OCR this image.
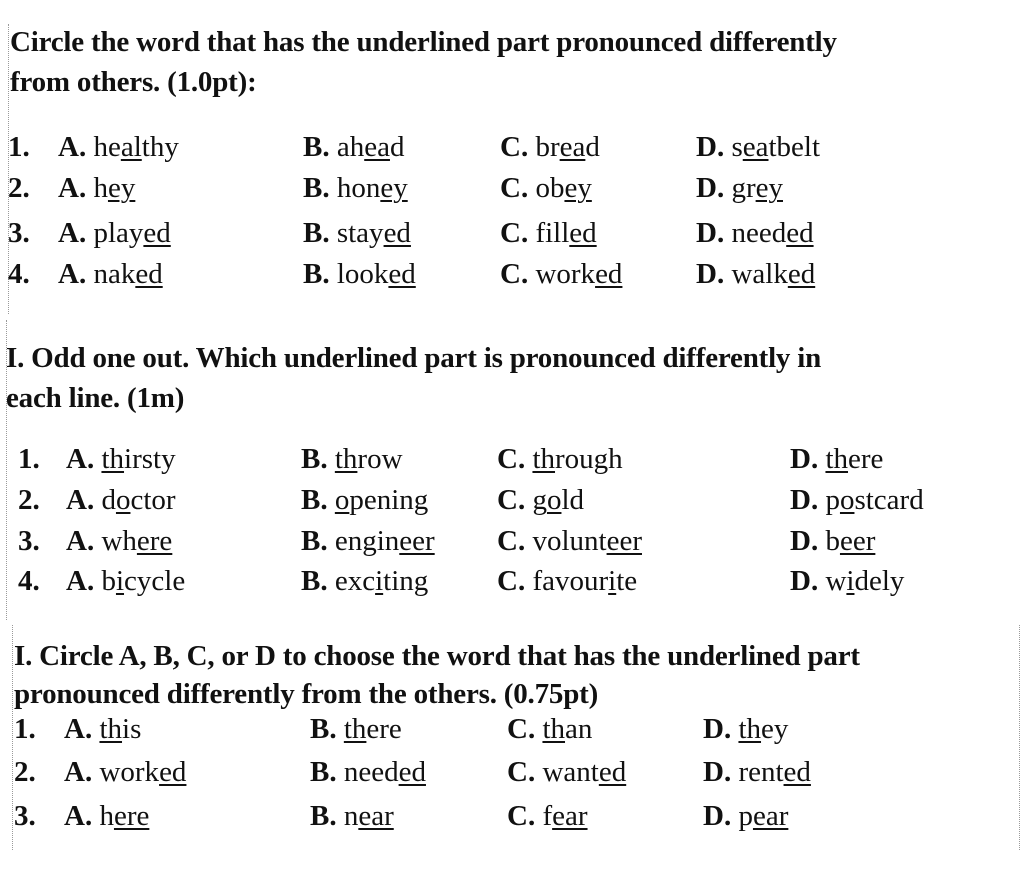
Circle the word that has the underlined part pronounced differently
from others. (1.0pt):
1. A. healthy	B. ahead	C. bread	D. seatbelt
2. A. hey	B. honey	C. obey	D. grey
3. A. played	B. stayed	C. filled	D. needed
4. A. naked	B. looked	C. worked	D. walked
I. Odd one out. Which underlined part is pronounced differently in
each line. (1m)
1. A. thirsty	B. throw	C. through	D. there
2. A. doctor	B. opening C. gold	D. postcard
3. A. where	B. engineer C. volunteer	D. beer
4. A. bicycle	B. exciting C. favourite	D. widely
I. Circle A, B, C, or D to choose the word that has the underlined part
pronounced differently from the others. (0.75pt)
1. A. this	B. there	C. than	D. they
2. A. worked	B. needed	C. wanted	D. rented
3. A. here	B. near	C. fear	D. pear
